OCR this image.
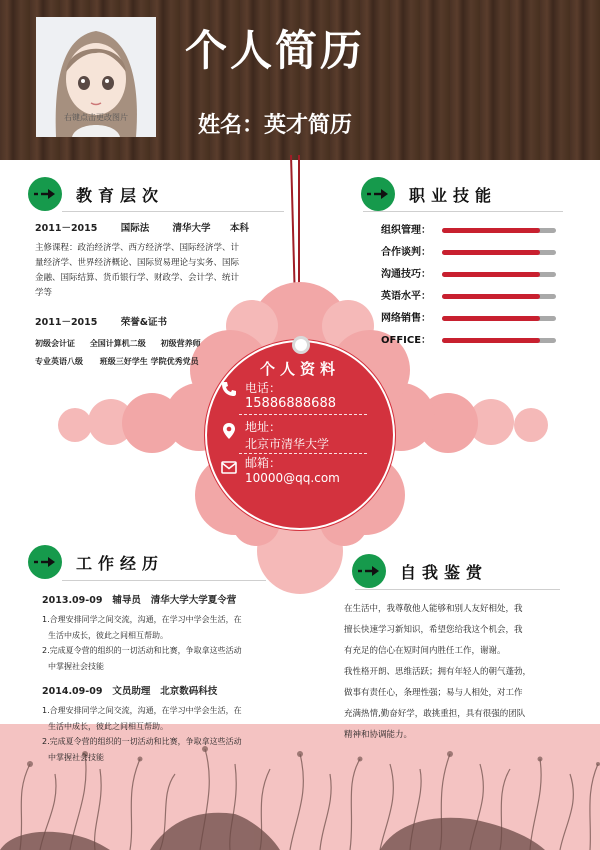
右键点击更改图片
个人简历
姓名：英才简历
个人资料
电话：
15886888688
地址：
北京市清华大学
邮箱：
10000@qq.com
教育层次
2011－2015 国际法 清华大学 本科
主修课程：政治经济学、西方经济学、国际经济学、计
量经济学、世界经济概论、国际贸易理论与实务、国际
金融、国际结算、货币银行学、财政学、会计学、统计
学等
2011－2015 荣誉&证书
初级会计证 全国计算机二级 初级营养师
专业英语八级 班级三好学生 学院优秀党员
职业技能
组织管理：
合作谈判：
沟通技巧：
英语水平：
网络销售：
OFFICE：
工作经历
2013.09-09   辅导员   清华大学大学夏令营
1.合理安排同学之间交流，沟通，在学习中学会生活，在
生活中成长，彼此之间相互帮助。
2.完成夏令营的组织的一切活动和比赛，争取拿这些活动
中掌握社会技能
2014.09-09   文员助理   北京数码科技
1.合理安排同学之间交流，沟通，在学习中学会生活，在
生活中成长，彼此之间相互帮助。
2.完成夏令营的组织的一切活动和比赛，争取拿这些活动
中掌握社会技能
自我鉴赏
在生活中，我尊敬他人能够和别人友好相处，我
擅长快速学习新知识，希望您给我这个机会，我
有充足的信心在短时间内胜任工作，谢谢。
我性格开朗、思维活跃；拥有年轻人的朝气蓬勃，
做事有责任心，条理性强；易与人相处，对工作
充满热情,勤奋好学，敢挑重担，具有很强的团队
精神和协调能力。
